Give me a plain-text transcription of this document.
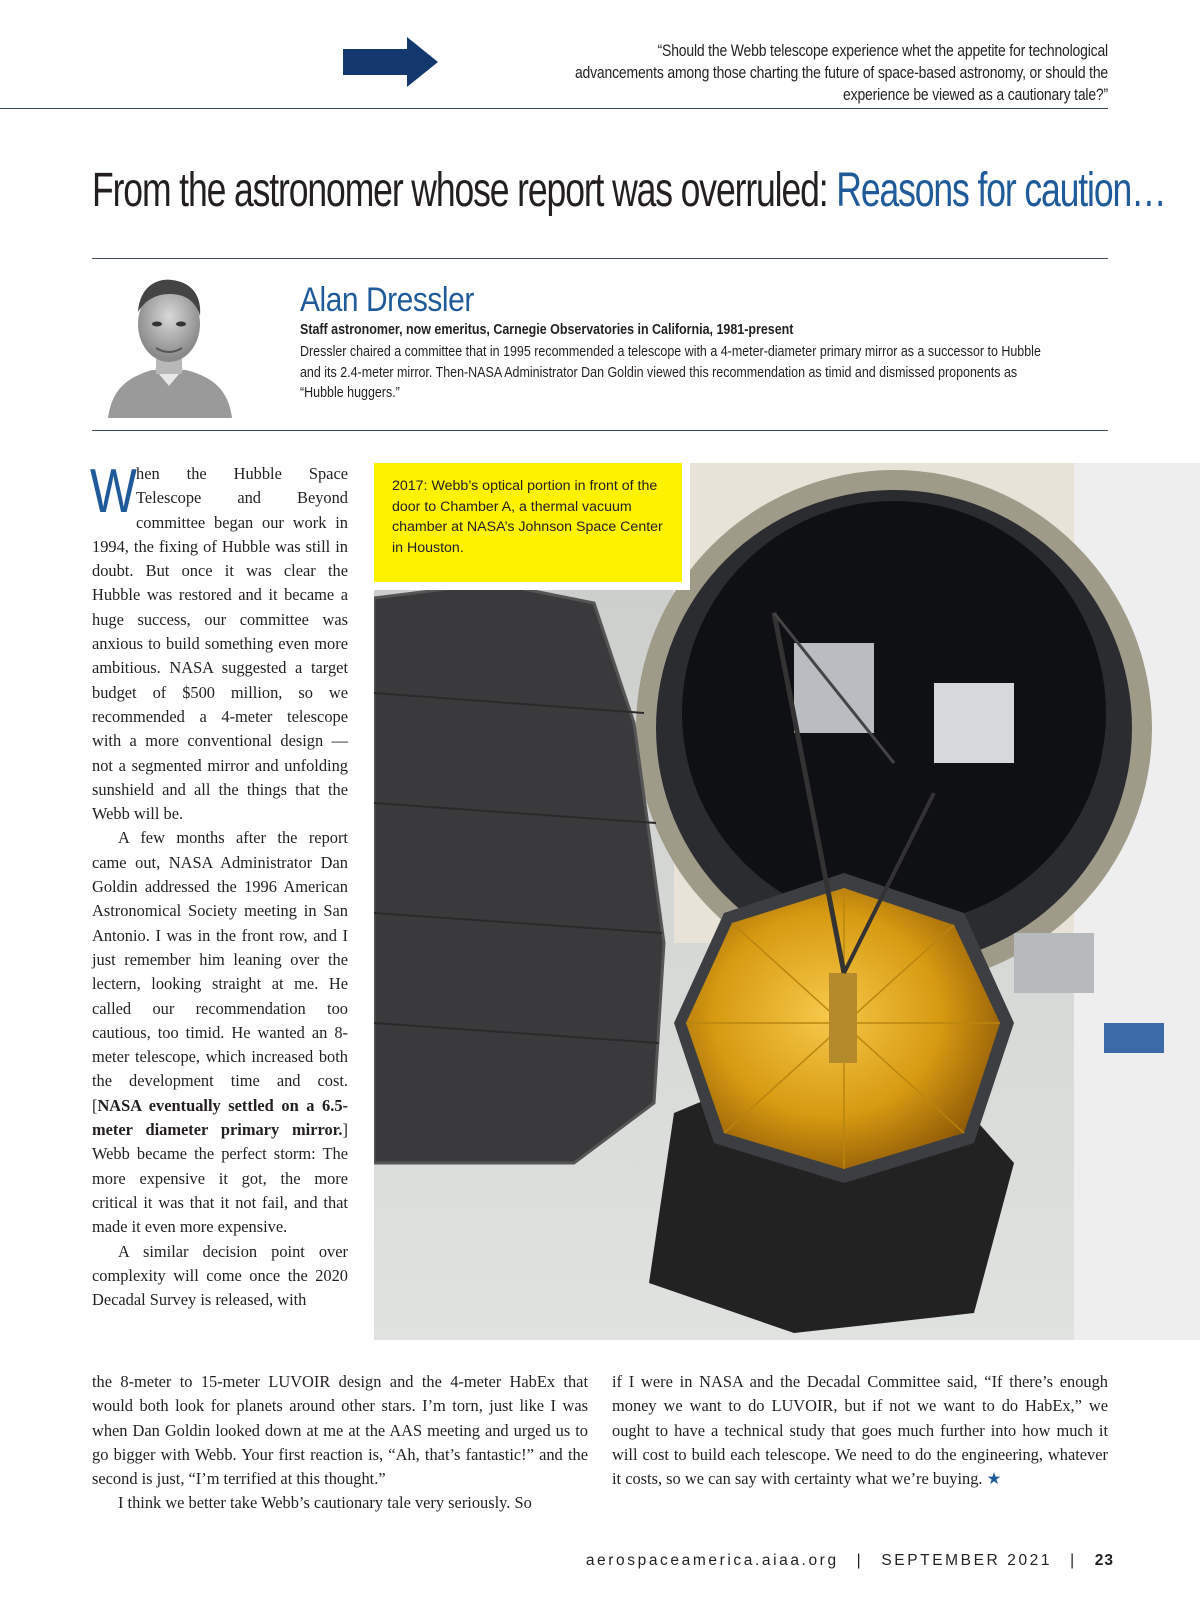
“Should the Webb telescope experience whet the appetite for technological advancements among those charting the future of space-based astronomy, or should the experience be viewed as a cautionary tale?”
From the astronomer whose report was overruled: Reasons for caution…
Alan Dressler
Staff astronomer, now emeritus, Carnegie Observatories in California, 1981-present
Dressler chaired a committee that in 1995 recommended a telescope with a 4-meter-diameter primary mirror as a successor to Hubble and its 2.4-meter mirror. Then-NASA Administrator Dan Goldin viewed this recommendation as timid and dismissed proponents as “Hubble huggers.”
2017: Webb’s optical portion in front of the door to Chamber A, a thermal vacuum chamber at NASA’s Johnson Space Center in Houston.

When the Hubble Space Telescope and Beyond committee began our work in 1994, the fixing of Hubble was still in doubt. But once it was clear the Hubble was restored and it became a huge success, our committee was anxious to build something even more ambitious. NASA suggested a target budget of $500 million, so we recommended a 4-meter telescope with a more conventional design — not a segmented mirror and unfolding sunshield and all the things that the Webb will be.

A few months after the report came out, NASA Administrator Dan Goldin addressed the 1996 American Astronomical Society meeting in San Antonio. I was in the front row, and I just remember him leaning over the lectern, looking straight at me. He called our recommendation too cautious, too timid. He wanted an 8-meter telescope, which increased both the development time and cost. [NASA eventually settled on a 6.5-meter diameter primary mirror.] Webb became the perfect storm: The more expensive it got, the more critical it was that it not fail, and that made it even more expensive.

A similar decision point over complexity will come once the 2020 Decadal Survey is released, with

the 8-meter to 15-meter LUVOIR design and the 4-meter HabEx that would both look for planets around other stars. I’m torn, just like I was when Dan Goldin looked down at me at the AAS meeting and urged us to go bigger with Webb. Your first reaction is, “Ah, that’s fantastic!” and the second is just, “I’m terrified at this thought.”

I think we better take Webb’s cautionary tale very seriously. So

if I were in NASA and the Decadal Committee said, “If there’s enough money we want to do LUVOIR, but if not we want to do HabEx,” we ought to have a technical study that goes much further into how much it will cost to build each telescope. We need to do the engineering, whatever it costs, so we can say with certainty what we’re buying. ★

aerospaceamerica.aiaa.org | SEPTEMBER 2021 | 23
